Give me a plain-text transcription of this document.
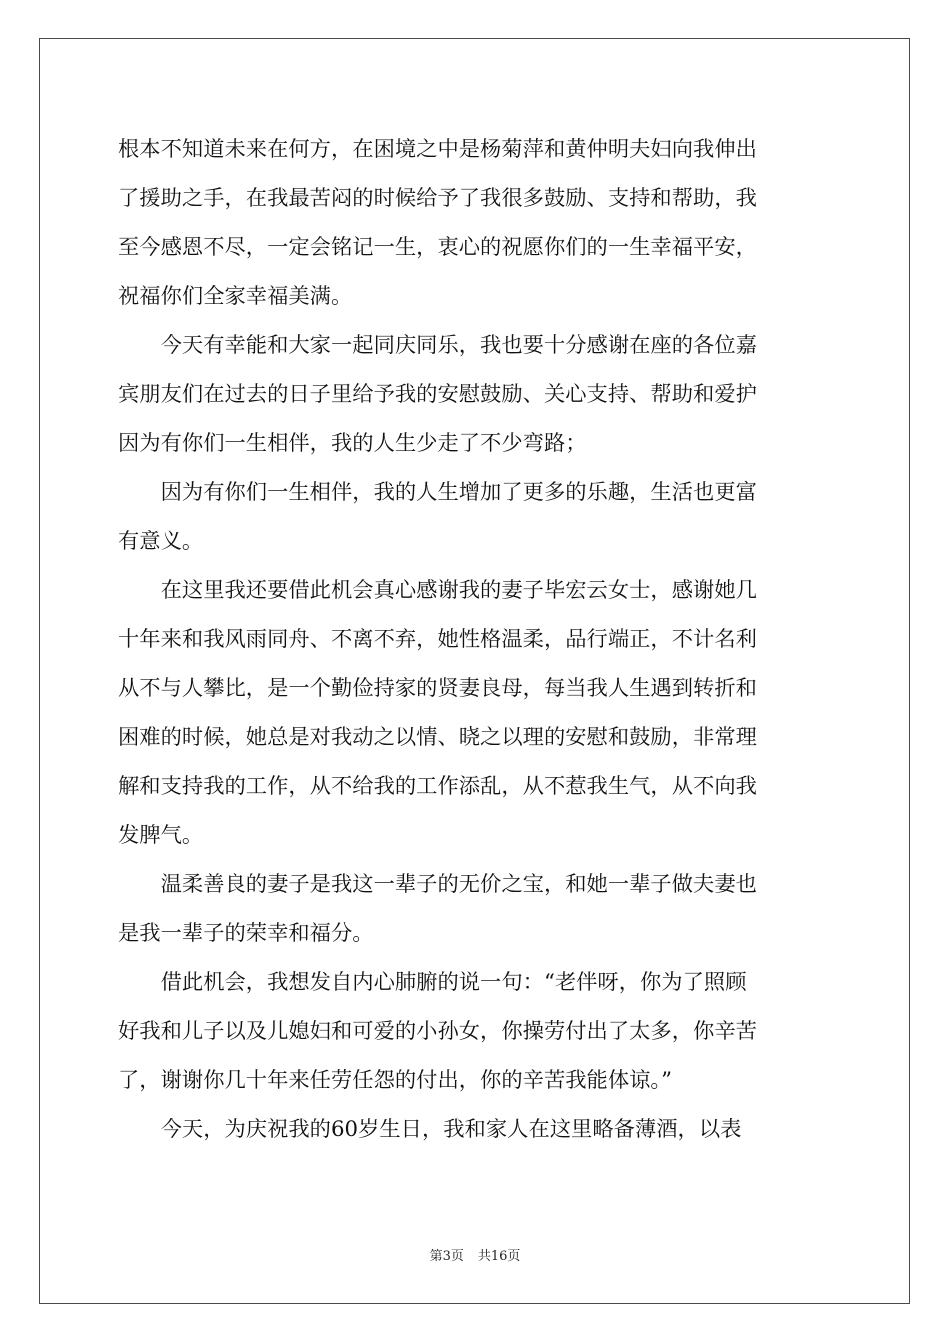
根本不知道未来在何方，在困境之中是杨菊萍和黄仲明夫妇向我伸出
了援助之手，在我最苦闷的时候给予了我很多鼓励、支持和帮助，我
至今感恩不尽，一定会铭记一生，衷心的祝愿你们的一生幸福平安，
祝福你们全家幸福美满。
　　今天有幸能和大家一起同庆同乐，我也要十分感谢在座的各位嘉
宾朋友们在过去的日子里给予我的安慰鼓励、关心支持、帮助和爱护
因为有你们一生相伴，我的人生少走了不少弯路；
　　因为有你们一生相伴，我的人生增加了更多的乐趣，生活也更富
有意义。
　　在这里我还要借此机会真心感谢我的妻子毕宏云女士，感谢她几
十年来和我风雨同舟、不离不弃，她性格温柔，品行端正，不计名利
从不与人攀比，是一个勤俭持家的贤妻良母，每当我人生遇到转折和
困难的时候，她总是对我动之以情、晓之以理的安慰和鼓励，非常理
解和支持我的工作，从不给我的工作添乱，从不惹我生气，从不向我
发脾气。
　　温柔善良的妻子是我这一辈子的无价之宝，和她一辈子做夫妻也
是我一辈子的荣幸和福分。
　　借此机会，我想发自内心肺腑的说一句：“老伴呀，你为了照顾
好我和儿子以及儿媳妇和可爱的小孙女，你操劳付出了太多，你辛苦
了，谢谢你几十年来任劳任怨的付出，你的辛苦我能体谅。”
　　今天，为庆祝我的60岁生日，我和家人在这里略备薄酒，以表
第3页 共16页
